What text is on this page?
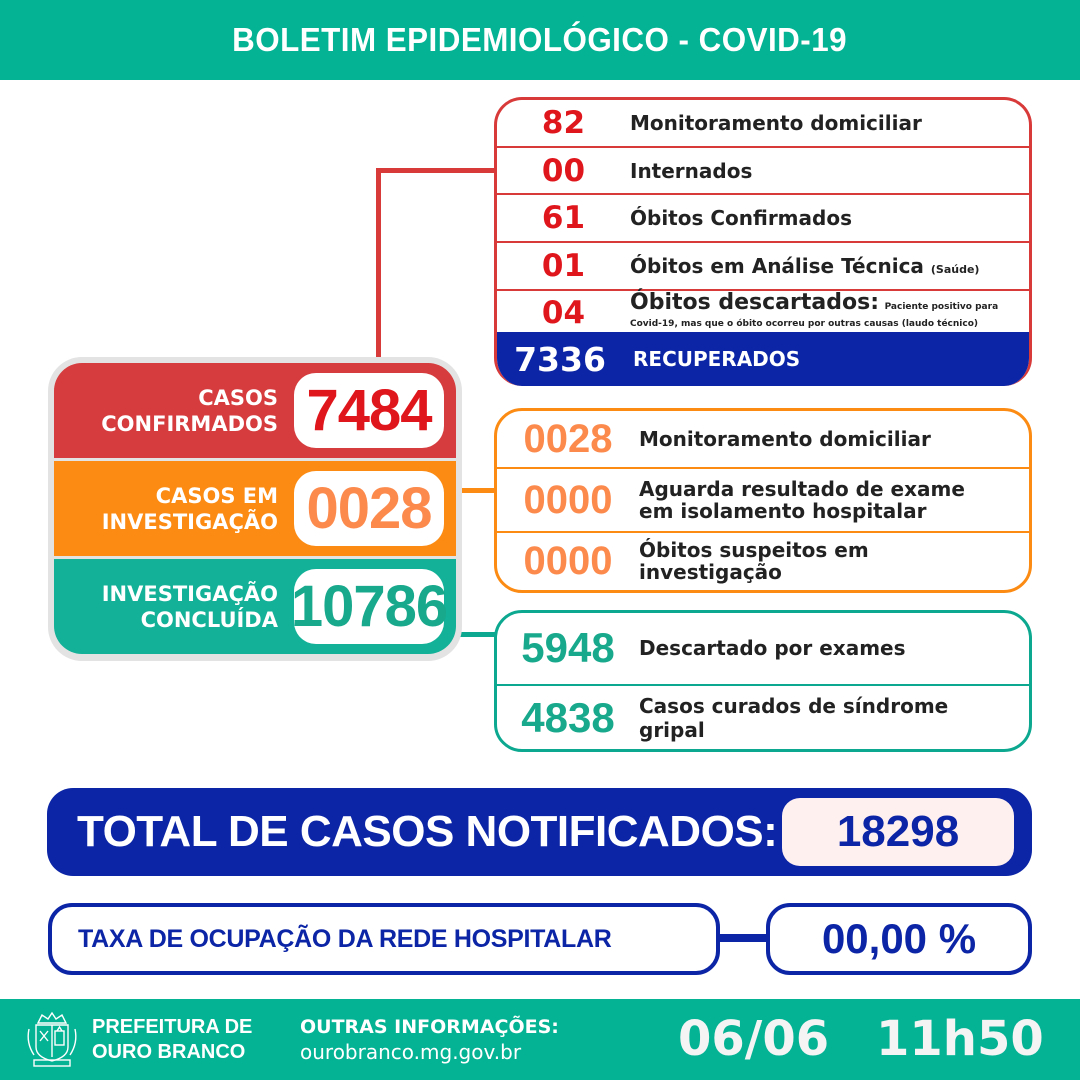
BOLETIM EPIDEMIOLÓGICO - COVID-19
CASOS
CONFIRMADOS 7484
CASOS EM
INVESTIGAÇÃO 0028
INVESTIGAÇÃO
CONCLUÍDA 10786
82	Monitoramento domiciliar
00	Internados
61	Óbitos Confirmados
01	Óbitos em Análise Técnica (Saúde)
04	Óbitos descartados: Paciente positivo para
Covid-19, mas que o óbito ocorreu por outras causas (laudo técnico)
7336	RECUPERADOS
0028	Monitoramento domiciliar
0000	Aguarda resultado de exame
em isolamento hospitalar
0000	Óbitos suspeitos em
investigação
5948	Descartado por exames
4838	Casos curados de síndrome
gripal
TOTAL DE CASOS NOTIFICADOS: 18298
TAXA DE OCUPAÇÃO DA REDE HOSPITALAR	00,00 %
PREFEITURA DE
OURO BRANCO
OUTRAS INFORMAÇÕES:
ourobranco.mg.gov.br	06/06 11h50
